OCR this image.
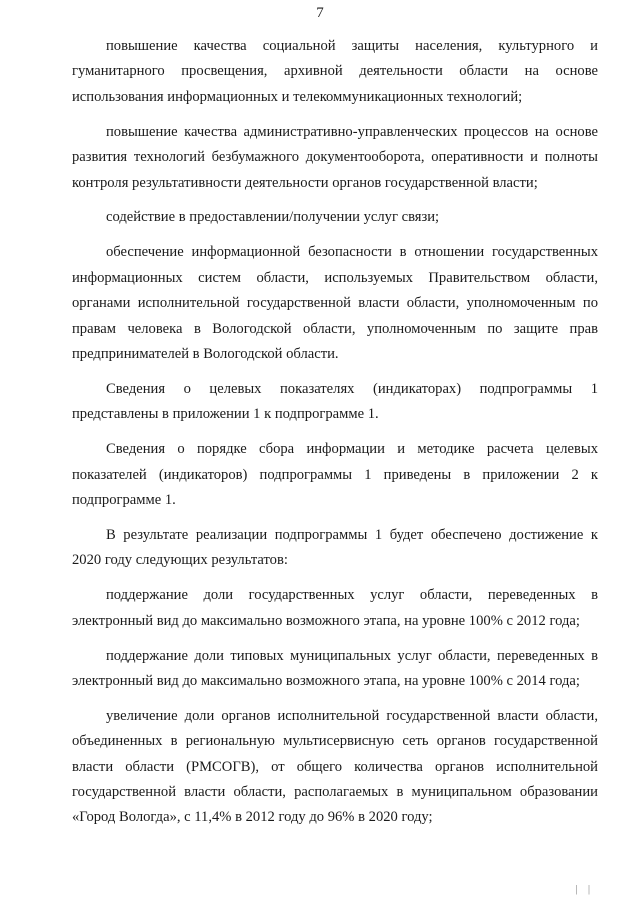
7

повышение качества социальной защиты населения, культурного и гуманитарного просвещения, архивной деятельности области на основе использования информационных и телекоммуникационных технологий;

повышение качества административно-управленческих процессов на основе развития технологий безбумажного документооборота, оперативности и полноты контроля результативности деятельности органов государственной власти;

содействие в предоставлении/получении услуг связи;

обеспечение информационной безопасности в отношении государственных информационных систем области, используемых Правительством области, органами исполнительной государственной власти области, уполномоченным по правам человека в Вологодской области, уполномоченным по защите прав предпринимателей в Вологодской области.

Сведения о целевых показателях (индикаторах) подпрограммы 1 представлены в приложении 1 к подпрограмме 1.

Сведения о порядке сбора информации и методике расчета целевых показателей (индикаторов) подпрограммы 1 приведены в приложении 2 к подпрограмме 1.

В результате реализации подпрограммы 1 будет обеспечено достижение к 2020 году следующих результатов:

поддержание доли государственных услуг области, переведенных в электронный вид до максимально возможного этапа, на уровне 100% с 2012 года;

поддержание доли типовых муниципальных услуг области, переведенных в электронный вид до максимально возможного этапа, на уровне 100% с 2014 года;

увеличение доли органов исполнительной государственной власти области, объединенных в региональную мультисервисную сеть органов государственной власти области (РМСОГВ), от общего количества органов исполнительной государственной власти области, располагаемых в муниципальном образовании «Город Вологда», с 11,4% в 2012 году до 96% в 2020 году;

| |
